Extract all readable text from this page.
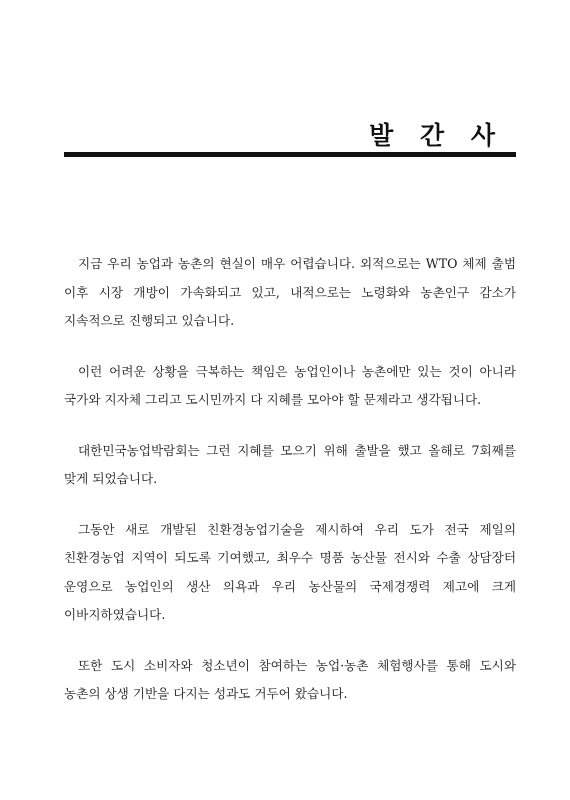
발 간 사

지금 우리 농업과 농촌의 현실이 매우 어렵습니다. 외적으로는 WTO 체제 출범 이후 시장 개방이 가속화되고 있고, 내적으로는 노령화와 농촌인구 감소가 지속적으로 진행되고 있습니다.

이런 어려운 상황을 극복하는 책임은 농업인이나 농촌에만 있는 것이 아니라 국가와 지자체 그리고 도시민까지 다 지혜를 모아야 할 문제라고 생각됩니다.

대한민국농업박람회는 그런 지혜를 모으기 위해 출발을 했고 올해로 7회째를 맞게 되었습니다.

그동안 새로 개발된 친환경농업기술을 제시하여 우리 도가 전국 제일의 친환경농업 지역이 되도록 기여했고, 최우수 명품 농산물 전시와 수출 상담장터 운영으로 농업인의 생산 의욕과 우리 농산물의 국제경쟁력 제고에 크게 이바지하였습니다.

또한 도시 소비자와 청소년이 참여하는 농업·농촌 체험행사를 통해 도시와 농촌의 상생 기반을 다지는 성과도 거두어 왔습니다.
